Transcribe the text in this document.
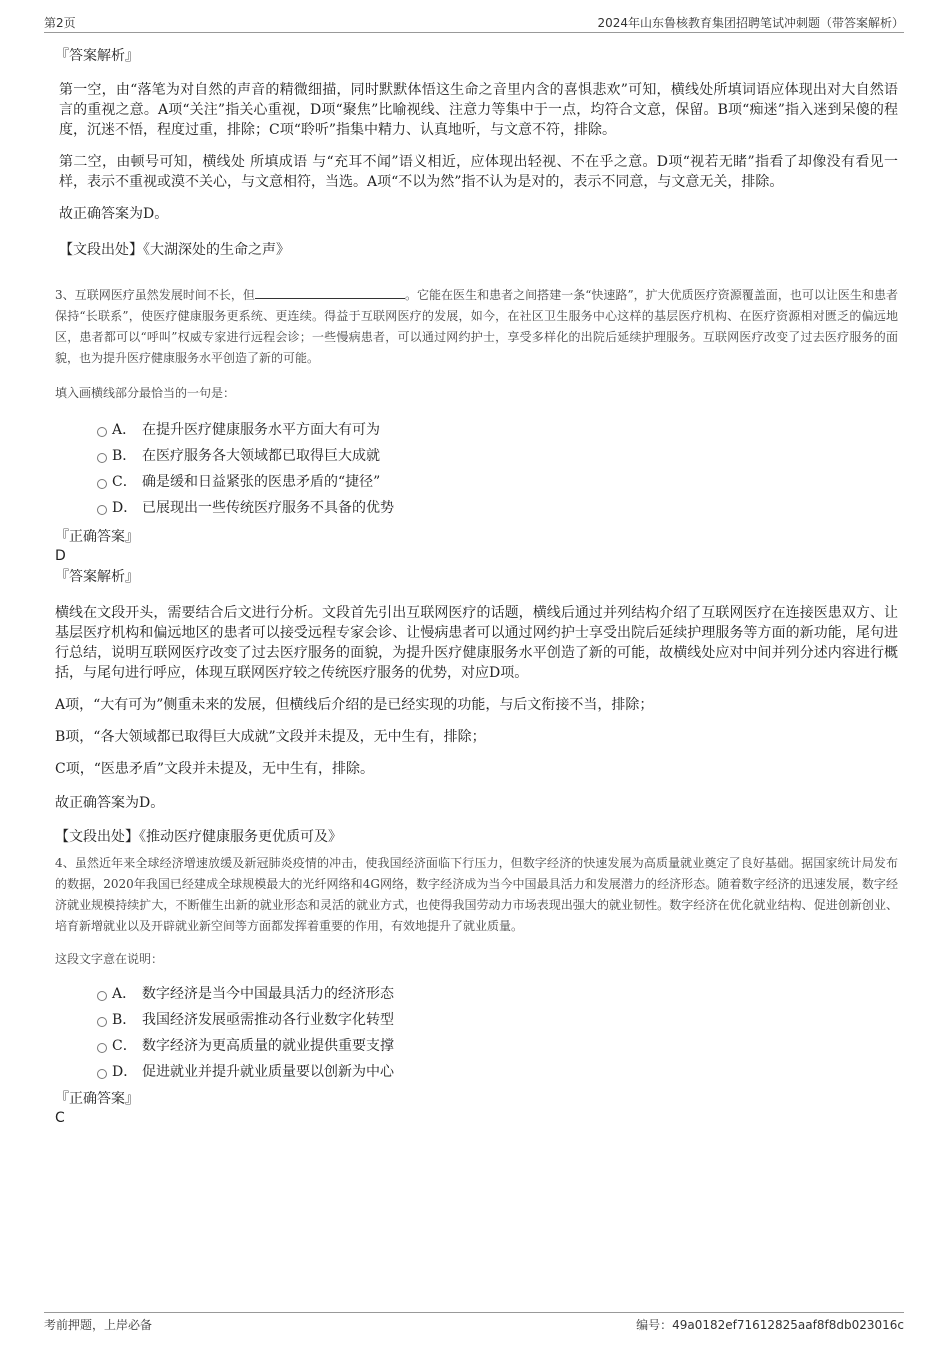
第2页	2024年山东鲁核教育集团招聘笔试冲刺题（带答案解析）

『答案解析』

第一空，由“落笔为对自然的声音的精微细描，同时默默体悟这生命之音里内含的喜惧悲欢”可知，横线处所填词语应体现出对大自然语言的重视之意。A项“关注”指关心重视，D项“聚焦”比喻视线、注意力等集中于一点，均符合文意，保留。B项“痴迷”指入迷到呆傻的程度，沉迷不悟，程度过重，排除；C项“聆听”指集中精力、认真地听，与文意不符，排除。

第二空，由顿号可知，横线处 所填成语 与“充耳不闻”语义相近，应体现出轻视、不在乎之意。D项“视若无睹”指看了却像没有看见一样，表示不重视或漠不关心，与文意相符，当选。A项“不以为然”指不认为是对的，表示不同意，与文意无关，排除。

故正确答案为D。

【文段出处】《大湖深处的生命之声》

3、互联网医疗虽然发展时间不长，但	。它能在医生和患者之间搭建一条“快速路”，扩大优质医疗资源覆盖面，也可以让医生和患者保持“长联系”，使医疗健康服务更系统、更连续。得益于互联网医疗的发展，如今，在社区卫生服务中心这样的基层医疗机构、在医疗资源相对匮乏的偏远地区，患者都可以“呼叫”权威专家进行远程会诊；一些慢病患者，可以通过网约护士，享受多样化的出院后延续护理服务。互联网医疗改变了过去医疗服务的面貌，也为提升医疗健康服务水平创造了新的可能。

填入画横线部分最恰当的一句是：

A． 在提升医疗健康服务水平方面大有可为
B． 在医疗服务各大领域都已取得巨大成就
C． 确是缓和日益紧张的医患矛盾的“捷径”
D． 已展现出一些传统医疗服务不具备的优势

『正确答案』

D

『答案解析』

横线在文段开头，需要结合后文进行分析。文段首先引出互联网医疗的话题，横线后通过并列结构介绍了互联网医疗在连接医患双方、让基层医疗机构和偏远地区的患者可以接受远程专家会诊、让慢病患者可以通过网约护士享受出院后延续护理服务等方面的新功能，尾句进行总结，说明互联网医疗改变了过去医疗服务的面貌，为提升医疗健康服务水平创造了新的可能，故横线处应对中间并列分述内容进行概括，与尾句进行呼应，体现互联网医疗较之传统医疗服务的优势，对应D项。

A项，“大有可为”侧重未来的发展，但横线后介绍的是已经实现的功能，与后文衔接不当，排除；

B项，“各大领域都已取得巨大成就”文段并未提及，无中生有，排除；

C项，“医患矛盾”文段并未提及，无中生有，排除。

故正确答案为D。

【文段出处】《推动医疗健康服务更优质可及》

4、虽然近年来全球经济增速放缓及新冠肺炎疫情的冲击，使我国经济面临下行压力，但数字经济的快速发展为高质量就业奠定了良好基础。据国家统计局发布的数据，2020年我国已经建成全球规模最大的光纤网络和4G网络，数字经济成为当今中国最具活力和发展潜力的经济形态。随着数字经济的迅速发展，数字经济就业规模持续扩大，不断催生出新的就业形态和灵活的就业方式，也使得我国劳动力市场表现出强大的就业韧性。数字经济在优化就业结构、促进创新创业、培育新增就业以及开辟就业新空间等方面都发挥着重要的作用，有效地提升了就业质量。

这段文字意在说明：

A． 数字经济是当今中国最具活力的经济形态
B． 我国经济发展亟需推动各行业数字化转型
C． 数字经济为更高质量的就业提供重要支撑
D． 促进就业并提升就业质量要以创新为中心

『正确答案』

C

考前押题，上岸必备	编号：49a0182ef71612825aaf8f8db023016c
